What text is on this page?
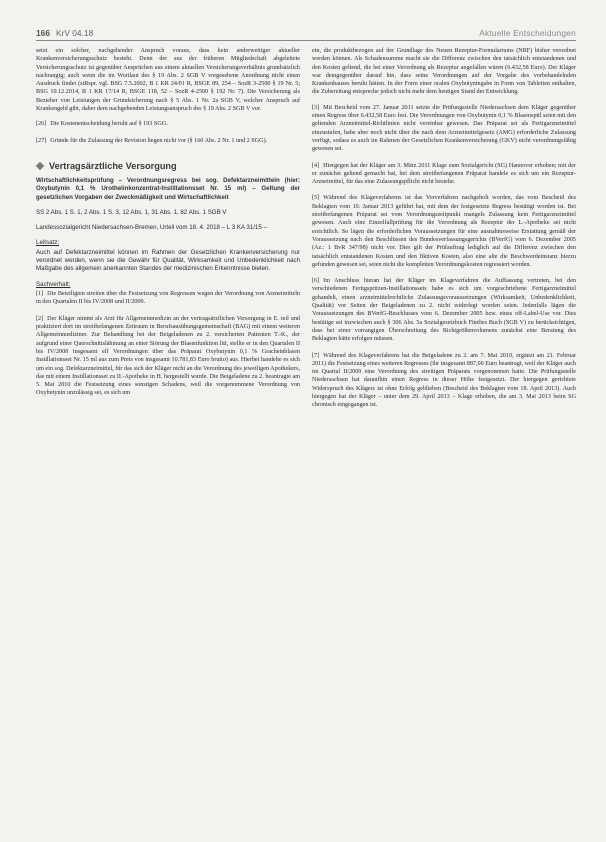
166 KrV 04.18	Aktuelle Entscheidungen

setzt ein solcher, nachgehender Anspruch voraus, dass kein anderweitiger aktueller Krankenversicherungsschutz besteht. Denn der aus der früheren Mitgliedschaft abgeleitete Versicherungsschutz ist gegenüber Ansprüchen aus einem aktuellen Versicherungsverhältnis grundsätzlich nachrangig; auch wenn die im Wortlaut des § 19 Abs. 2 SGB V vorgesehene Anordnung nicht einen Ausdruck findet (stRspr. vgl. BSG 7.5.2002, B 1 KR 24/01 R, BSGE 89, 254 – SozR 3-2500 § 19 Nr. 5; BSG 10.12.2014, B 1 KR 17/14 R, BSGE 118, 52 – SozR 4-2500 § 192 Nr. 7). Die Versicherung als Bezieher von Leistungen der Grundsicherung nach § 5 Abs. 1 Nr. 2a SGB V, welcher Anspruch auf Krankengeld gibt, daher dem nachgehenden Leistungsanspruch des § 19 Abs. 2 SGB V vor.

[26] Die Kostenentscheidung beruht auf § 193 SGG.

[27] Gründe für die Zulassung der Revision liegen nicht vor (§ 160 Abs. 2 Nr. 1 und 2 SGG).

Vertragsärztliche Versorgung

Wirtschaftlichkeitsprüfung – Verordnungsregress bei sog. Defektarzneimitteln (hier: Oxybutynin 0,1 % Urothelinkonzentrat-Instillationsset Nr. 15 ml) – Geltung der gesetzlichen Vorgaben der Zweckmäßigkeit und Wirtschaftlichkeit

SS 2 Abs. 1 S. 1, 2 Abs. 1 S. 3, 12 Abs. 1, 31 Abs. 1, 82 Abs. 1 SGB V

Landessozialgericht Niedersachsen-Bremen, Urteil vom 18. 4. 2018 – L 3 KA 31/15 –

Leitsatz:

Auch auf Defektarzneimittel können im Rahmen der Gesetzlichen Krankenversicherung nur verordnet werden, wenn sie die Gewähr für Qualität, Wirksamkeit und Unbedenklichkeit nach Maßgabe des allgemein anerkannten Standes der medizinischen Erkenntnisse bieten.

Sachverhalt:

[1] Die Beteiligten streiten über die Festsetzung von Regressen wegen der Verordnung von Arzneimitteln in den Quartalen II bis IV/2008 und II/2009.

[2] Der Kläger nimmt als Arzt für Allgemeinmedizin an der vertragsärztlichen Versorgung in E. teil und praktiziert dort im streitbefangenen Zeitraum in Berufsausübungsgemeinschaft (BAG) mit einem weiteren Allgemeinmediziner. Zur Behandlung bei der Beigeladenen zu 2. versicherten Patienten T.-K., der aufgrund einer Querschnittslähmung an einer Störung der Blasenfunktion litt, stellte er in den Quartalen II bis IV/2008 insgesamt elf Verordnungen über das Präparat Oxybutynin 0,1 % Gracheinblasen Instillationsset Nr. 15 ml aus zum Preis von insgesamt 10.781,83 Euro brutto) aus. Hierbei handelte es sich um ein sog. Defektarzneimittel, für das sich der Kläger nicht an die Verordnung des jeweiligen Apothekers, das mit einem Instillationsset zu II.-Apotheke in H. hergestellt wurde. Die Beigeladene zu 2. beantragte am 5. Mai 2010 die Festsetzung eines sonstigen Schadens, weil die vorgenommene Verordnung von Oxybutynin unzulässig sei, es sich um

ein, die produktbezogen auf der Grundlage des Neuen Rezeptur-Formulariums (NRF) bisher verordnet werden können. Als Schadensumme macht sie die Differenz zwischen den tatsächlich entstandenen und den Kosten geltend, die bei einer Verordnung als Rezeptur angefallen wären (6.432,58 Euro). Der Kläger war demgegenüber darauf hin, dass seine Verordnungen auf der Vorgabe des vorbehandelnden Krankenhauses beruht hätten. In der Form einer oralen Oxybutyningabe in Form von Tabletten enthalten, die Zubereitung entspreche jedoch nicht mehr dem heutigen Stand der Entwicklung.

[3] Mit Bescheid vom 27. Januar 2011 setzte die Prüfungsstelle Niedersachsen dem Kläger gegenüber einen Regress über 6.432,58 Euro fest. Die Verordnungen von Oxybutynin 0,1 % Blasenspül seien mit den geltenden Arzneimittel-Richtlinien nicht vereinbar gewesen. Das Präparat sei als Fertigarzneimittel einzustufen, habe aber noch nicht über die nach dem Arzneimittelgesetz (AMG) erforderliche Zulassung verfügt, sodass es auch im Rahmen der Gesetzlichen Krankenversicherung (GKV) nicht verordnungsfähig gewesen sei.

[4] Hiergegen hat der Kläger am 3. März 2011 Klage zum Sozialgericht (SG) Hannover erhoben; mit der er zunächst geltend gemacht hat, bei dem streitbefangenen Präparat handele es sich um ein Rezeptur-Arzneimittel, für das eine Zulassungspflicht nicht bestehe.

[5] Während des Klageverfahrens ist das Vorverfahren nachgeholt worden, das vom Bescheid des Beklagten vom 10. Januar 2013 geführt hat, mit dem der festgesetzte Regress bestätigt worden ist. Bei streitbefangenen Präparat sei vom Verordnungszeitpunkt mangels Zulassung kein Fertigarzneimittel gewesen. Auch eine Einzelfallprüfung für die Verordnung als Rezeptur der L.-Apotheke sei nicht ersichtlich. So lägen die erforderlichen Voraussetzungen für eine ausnahmsweise Erstattung gemäß der Voraussetzung nach den Beschlüssen des Bundesverfassungsgerichts (BVerfG) vom 6. Dezember 2005 (Az.: 1 BvR 347/98) nicht vor. Dies gilt der Prüfauftrag lediglich auf die Differenz zwischen den tatsächlich entstandenen Kosten und den fiktiven Kosten, also eine alte die Beschwerdeinstanz hierzu gefunden gewesen sei, seien nicht die kompletten Verordnungskosten regressiert worden.

[6] Im Anschluss hieran hat der Kläger im Klageverfahren die Auffassung vertreten, bei den verschiedenen Fertigspritzen-Instillationssets habe es sich um vorgeschriebene Fertigarzneimittel gehandelt, einen arzneimittelrechtliche Zulassungsvoraussetzungen (Wirksamkeit, Unbedenklichkeit, Qualität) vor Seiten der Beigeladenen zu 2. nicht widerlegt worden seien. Jedenfalls lägen die Voraussetzungen des BVerfG-Beschlusses vom 6. Dezember 2005 bzw. eines off-Label-Use vor. Dies bestätige sei inzwischen auch § 306 Abs. 5a Sozialgesetzbuch Fünftes Buch (SGB V) zu berücksichtigen, dass bei einer vorrangigen Überschreitung des Richtgrößenvolumens zunächst eine Beratung des Beklagten hätte erfolgen müssen.

[7] Während des Klageverfahrens hat die Beigeladene zu 2. am 7. Mai 2010, ergänzt am 21. Februar 2011) die Festsetzung eines weiteren Regresses (ihr insgesamt 887,00 Euro beantragt, weil der Kläger auch im Quartal II/2009 eine Verordnung des streitigen Präparats vorgenommen hatte. Die Prüfungsstelle Niedersachsen hat daraufhin einen Regress in dieser Höhe festgesetzt. Der hiergegen gerichtete Widerspruch des Klägers ist ohne Erfolg geblieben (Bescheid des Beklagten vom 18. April 2013). Auch hiergegen hat der Kläger – unter dem 29. April 2013 – Klage erhoben, die am 3. Mai 2013 beim SG chronisch eingegangen ist.
